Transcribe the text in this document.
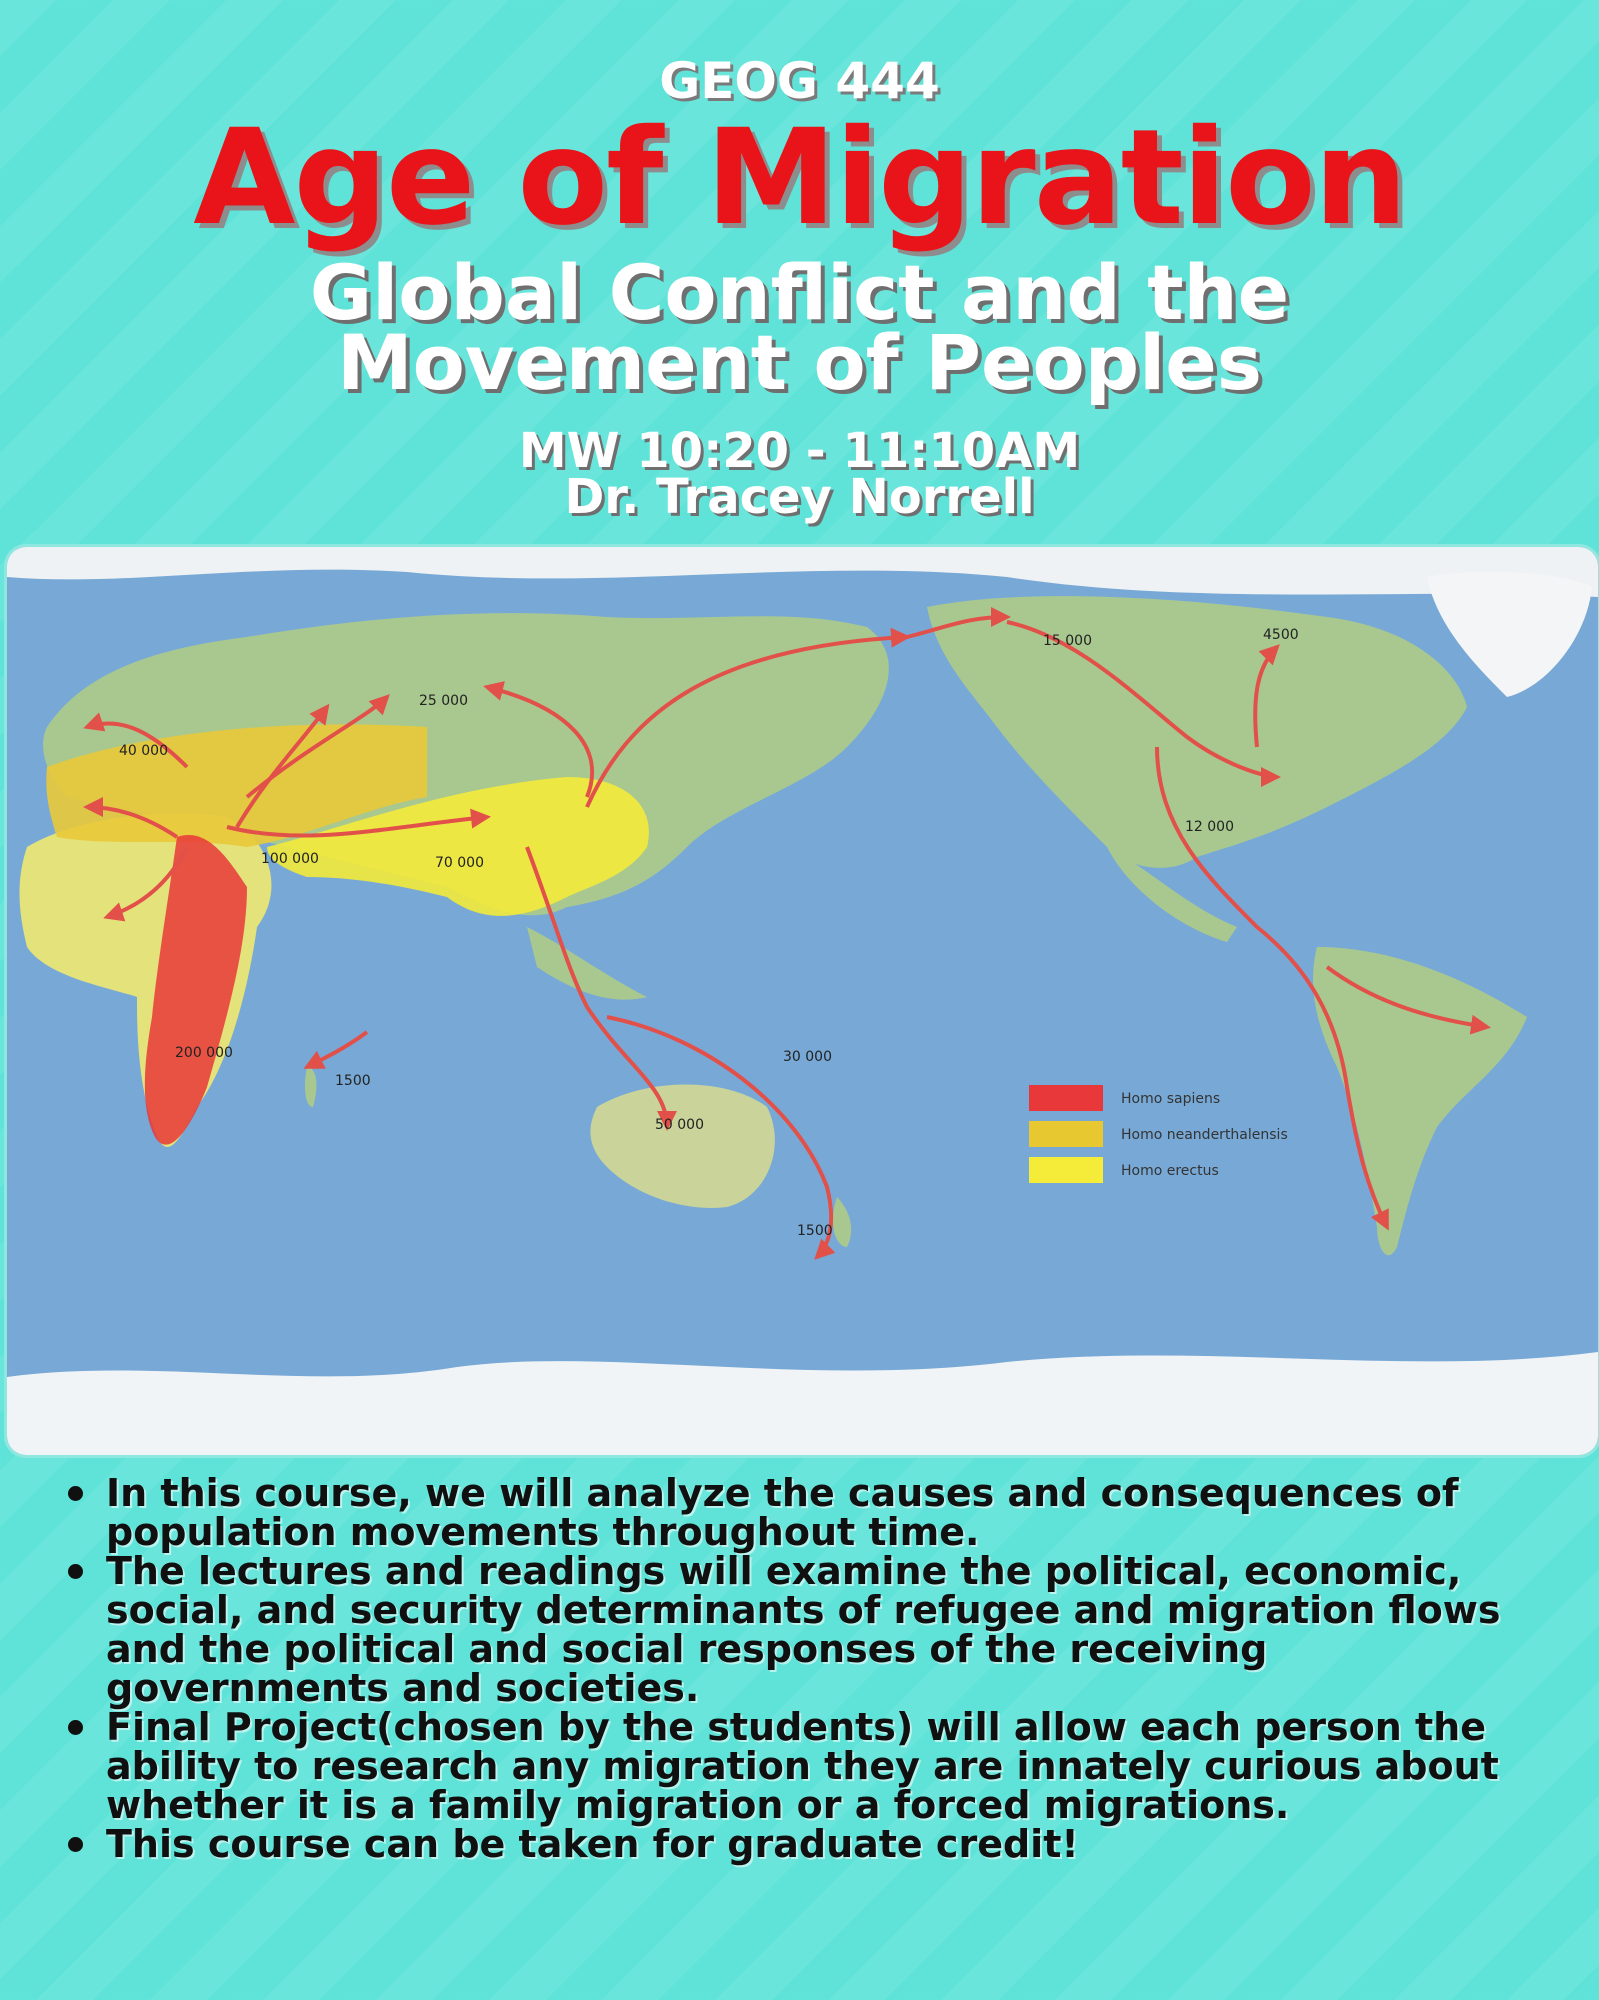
GEOG 444
Age of Migration
Global Conflict and the
Movement of Peoples
MW 10:20 - 11:10AM
Dr. Tracey Norrell
40 000
25 000
100 000	70 000
200 000
1500
30 000
50 000
1500
15 000	4500
12 000
Homo sapiens
Homo neanderthalensis
Homo erectus
In this course, we will analyze the causes and consequences of population movements throughout time.
The lectures and readings will examine the political, economic, social, and security determinants of refugee and migration flows and the political and social responses of the receiving governments and societies.
Final Project(chosen by the students) will allow each person the ability to research any migration they are innately curious about whether it is a family migration or a forced migrations.
This course can be taken for graduate credit!
